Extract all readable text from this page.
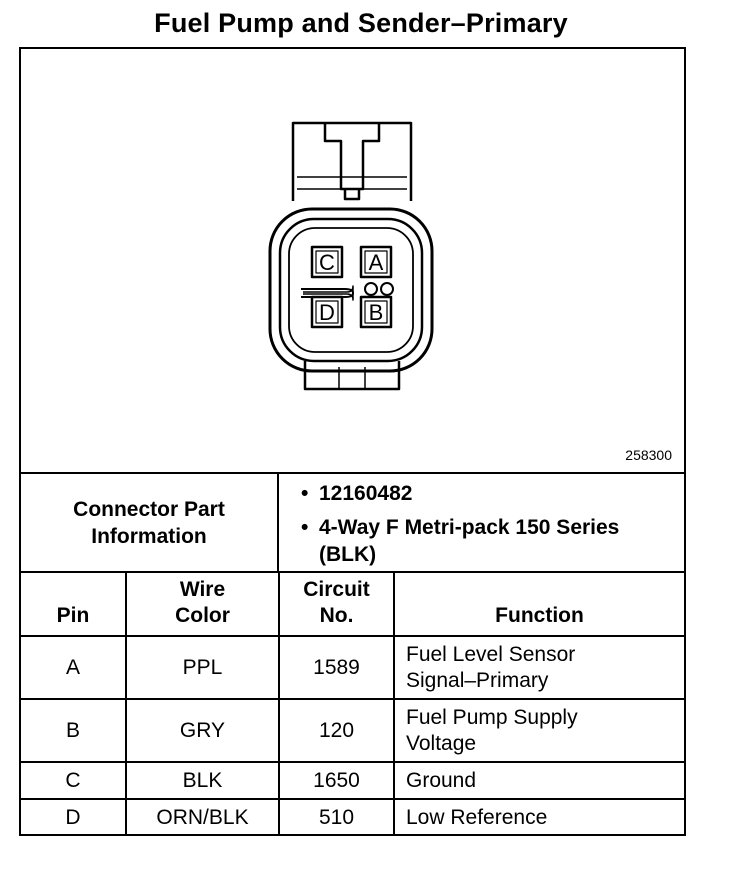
Fuel Pump and Sender–Primary
C A
D B
258300
Connector Part Information
• 12160482
• 4-Way F Metri-pack 150 Series (BLK)
Pin	Wire Color	Circuit No.	Function
A	PPL	1589	Fuel Level Sensor Signal–Primary

B	GRY	120	Fuel Pump Supply Voltage

C	BLK	1650	Ground
D	ORN/BLK	510	Low Reference
